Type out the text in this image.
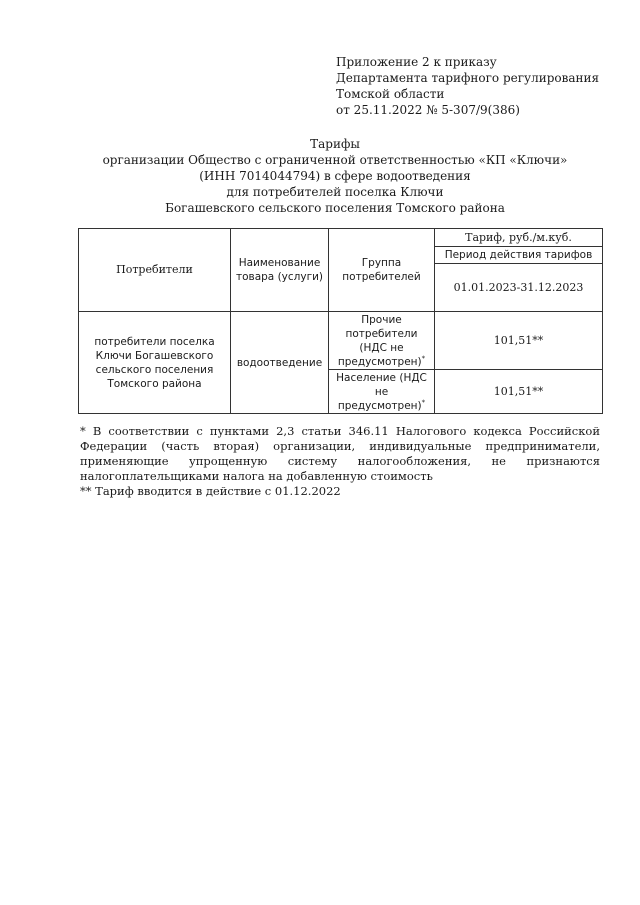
Приложение 2 к приказу
Департамента тарифного регулирования
Томской области
от 25.11.2022 № 5-307/9(386)
Тарифы
организации Общество с ограниченной ответственностью «КП «Ключи»
(ИНН 7014044794) в сфере водоотведения
для потребителей поселка Ключи
Богашевского сельского поселения Томского района
Потребители	Наименование товара (услуги)	Группа потребителей	Тариф, руб./м.куб.
			Период действия тарифов
			01.01.2023-31.12.2023
потребители поселка Ключи Богашевского сельского поселения Томского района	водоотведение	Прочие потребители (НДС не предусмотрен)*	101,51**
		Население (НДС не предусмотрен)*	101,51**
* В соответствии с пунктами 2,3 статьи 346.11 Налогового кодекса Российской Федерации (часть вторая) организации, индивидуальные предприниматели, применяющие упрощенную систему налогообложения, не признаются налогоплательщиками налога на добавленную стоимость
** Тариф вводится в действие с 01.12.2022
